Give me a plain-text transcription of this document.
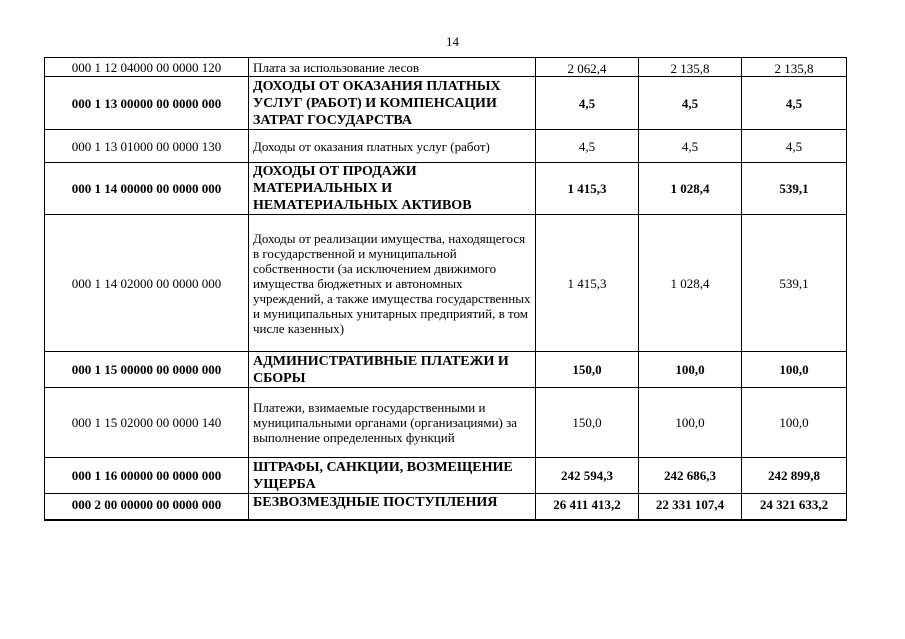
14
000 1 12 04000 00 0000 120	Плата за использование лесов	2 062,4	2 135,8	2 135,8
000 1 13 00000 00 0000 000	ДОХОДЫ ОТ ОКАЗАНИЯ ПЛАТНЫХ УСЛУГ (РАБОТ) И КОМПЕНСАЦИИ ЗАТРАТ ГОСУДАРСТВА	4,5	4,5	4,5
000 1 13 01000 00 0000 130	Доходы от оказания платных услуг (работ)	4,5	4,5	4,5
000 1 14 00000 00 0000 000	ДОХОДЫ ОТ ПРОДАЖИ МАТЕРИАЛЬНЫХ И НЕМАТЕРИАЛЬНЫХ АКТИВОВ	1 415,3	1 028,4	539,1
000 1 14 02000 00 0000 000	Доходы от реализации имущества, находящегося в государственной и муниципальной собственности (за исключением движимого имущества бюджетных и автономных учреждений, а также имущества государственных и муниципальных унитарных предприятий, в том числе казенных)	1 415,3	1 028,4	539,1
000 1 15 00000 00 0000 000	АДМИНИСТРАТИВНЫЕ ПЛАТЕЖИ И СБОРЫ	150,0	100,0	100,0
000 1 15 02000 00 0000 140	Платежи, взимаемые государственными и муниципальными органами (организациями) за выполнение определенных функций	150,0	100,0	100,0
000 1 16 00000 00 0000 000	ШТРАФЫ, САНКЦИИ, ВОЗМЕЩЕНИЕ УЩЕРБА	242 594,3	242 686,3	242 899,8
000 2 00 00000 00 0000 000	БЕЗВОЗМЕЗДНЫЕ ПОСТУПЛЕНИЯ	26 411 413,2	22 331 107,4	24 321 633,2
